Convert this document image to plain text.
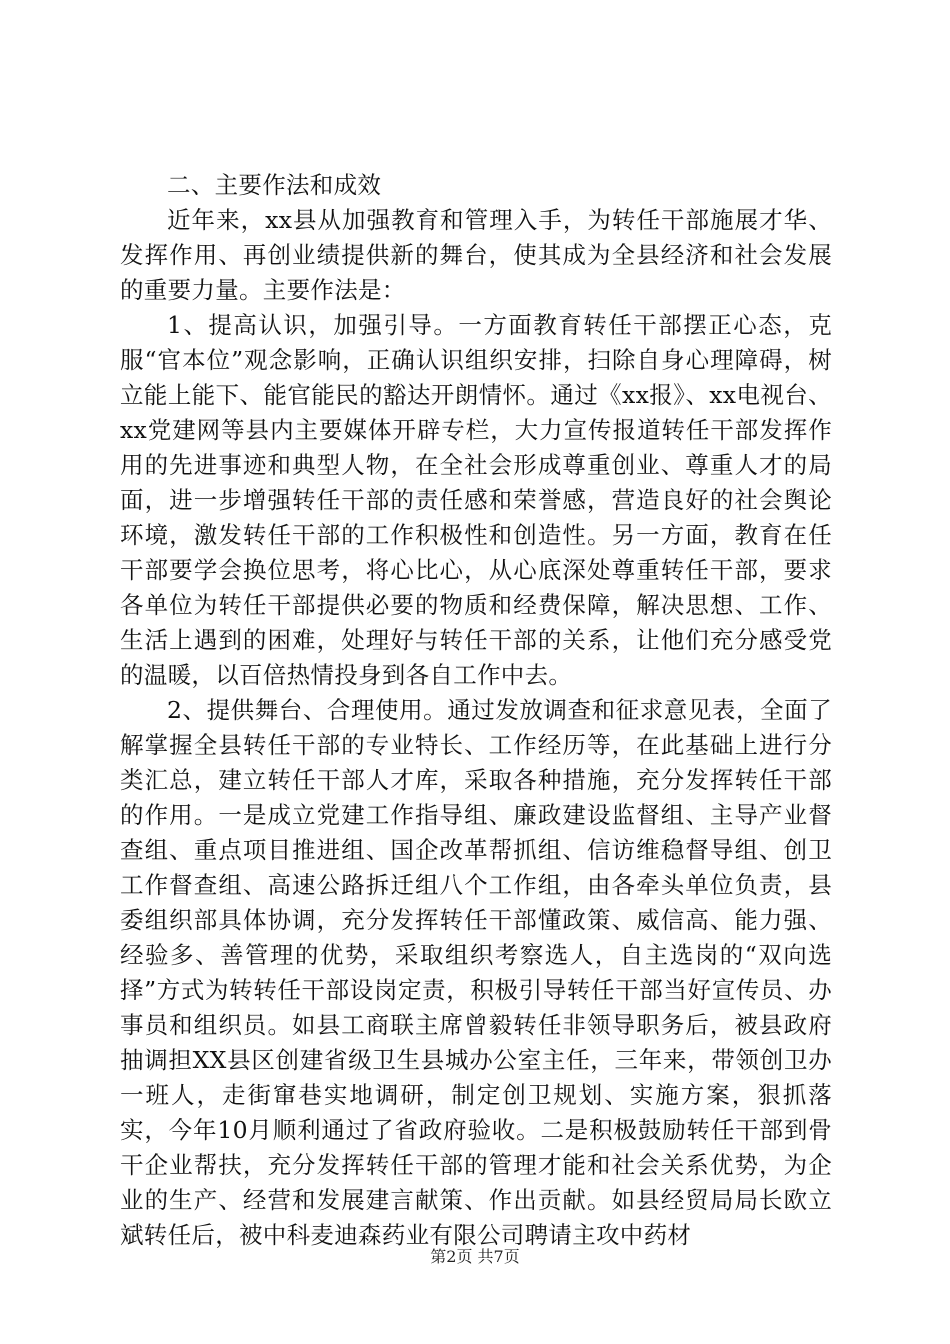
二、主要作法和成效

近年来，xx县从加强教育和管理入手，为转任干部施展才华、发挥作用、再创业绩提供新的舞台，使其成为全县经济和社会发展的重要力量。主要作法是：

1、提高认识，加强引导。一方面教育转任干部摆正心态，克服“官本位”观念影响，正确认识组织安排，扫除自身心理障碍，树立能上能下、能官能民的豁达开朗情怀。通过《xx报》、xx电视台、xx党建网等县内主要媒体开辟专栏，大力宣传报道转任干部发挥作用的先进事迹和典型人物，在全社会形成尊重创业、尊重人才的局面，进一步增强转任干部的责任感和荣誉感，营造良好的社会舆论环境，激发转任干部的工作积极性和创造性。另一方面，教育在任干部要学会换位思考，将心比心，从心底深处尊重转任干部，要求各单位为转任干部提供必要的物质和经费保障，解决思想、工作、生活上遇到的困难，处理好与转任干部的关系，让他们充分感受党的温暖，以百倍热情投身到各自工作中去。

2、提供舞台、合理使用。通过发放调查和征求意见表，全面了解掌握全县转任干部的专业特长、工作经历等，在此基础上进行分类汇总，建立转任干部人才库，采取各种措施，充分发挥转任干部的作用。一是成立党建工作指导组、廉政建设监督组、主导产业督查组、重点项目推进组、国企改革帮抓组、信访维稳督导组、创卫工作督查组、高速公路拆迁组八个工作组，由各牵头单位负责，县委组织部具体协调，充分发挥转任干部懂政策、威信高、能力强、经验多、善管理的优势，采取组织考察选人，自主选岗的“双向选择”方式为转转任干部设岗定责，积极引导转任干部当好宣传员、办事员和组织员。如县工商联主席曾毅转任非领导职务后，被县政府抽调担XX县区创建省级卫生县城办公室主任，三年来，带领创卫办一班人，走街窜巷实地调研，制定创卫规划、实施方案，狠抓落实，今年10月顺利通过了省政府验收。二是积极鼓励转任干部到骨干企业帮扶，充分发挥转任干部的管理才能和社会关系优势，为企业的生产、经营和发展建言献策、作出贡献。如县经贸局局长欧立斌转任后，被中科麦迪森药业有限公司聘请主攻中药材

第2页 共7页
